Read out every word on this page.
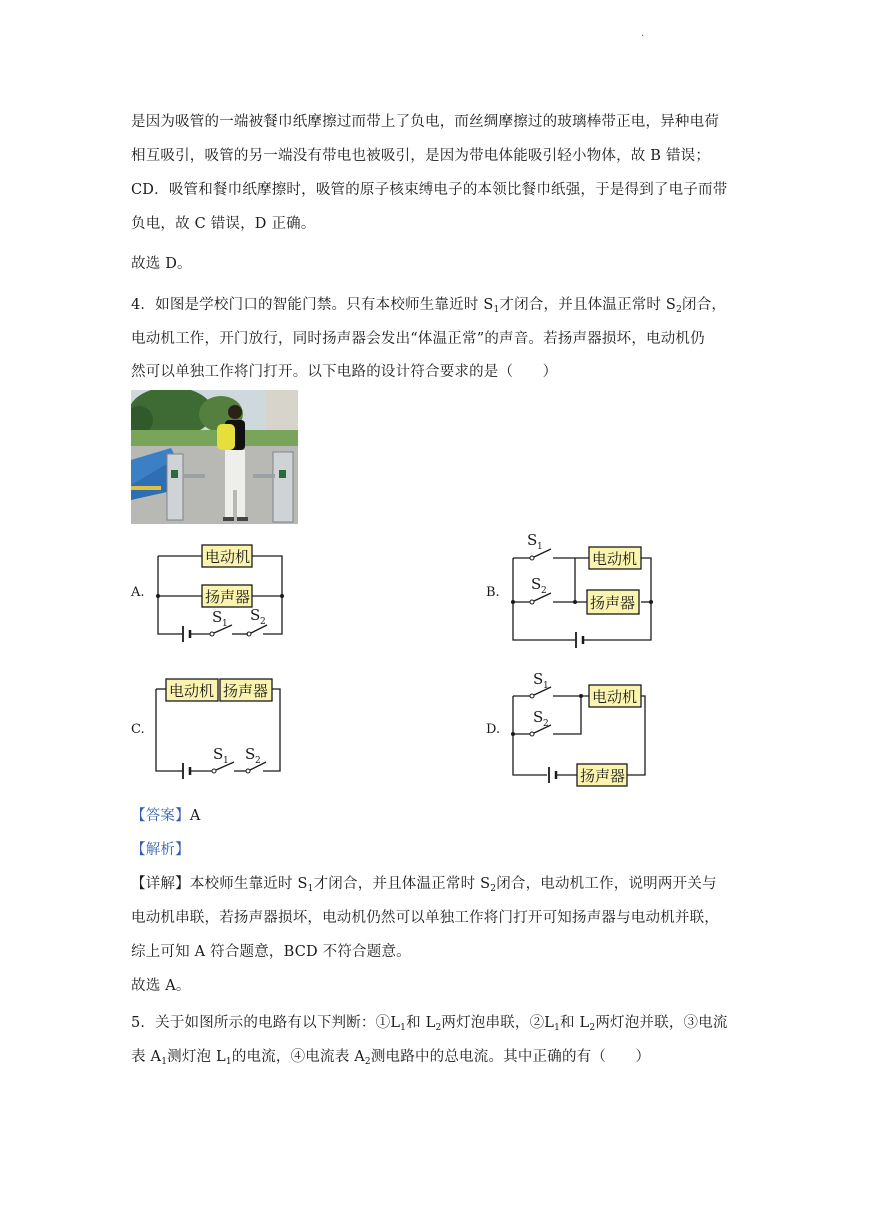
.
是因为吸管的一端被餐巾纸摩擦过而带上了负电，而丝绸摩擦过的玻璃棒带正电，异种电荷
相互吸引，吸管的另一端没有带电也被吸引，是因为带电体能吸引轻小物体，故 B 错误；
CD．吸管和餐巾纸摩擦时，吸管的原子核束缚电子的本领比餐巾纸强，于是得到了电子而带
负电，故 C 错误，D 正确。
故选 D。
4．如图是学校门口的智能门禁。只有本校师生靠近时 $S_1$才闭合，并且体温正常时 $S_2$闭合，
电动机工作，开门放行，同时扬声器会发出“体温正常”的声音。若扬声器损坏，电动机仍
然可以单独工作将门打开。以下电路的设计符合要求的是（　　）
A.	B.
C.	D.
电动机
扬声器
S 1 S 2
电动机
扬声器
S 1
S 2
电动机 扬声器
S 1 S 2
电动机
扬声器
S 1
S 2
【答案】A
【解析】
【详解】本校师生靠近时 $S_1$才闭合，并且体温正常时 $S_2$闭合，电动机工作，说明两开关与
电动机串联，若扬声器损坏，电动机仍然可以单独工作将门打开可知扬声器与电动机并联，
综上可知 A 符合题意，BCD 不符合题意。
故选 A。
5．关于如图所示的电路有以下判断：$①L_1$和 $L_2$两灯泡串联，$②L_1$和 $L_2$两灯泡并联，③电流
表 $A_1$测灯泡 $L_1$的电流，④电流表 $A_2$测电路中的总电流。其中正确的有（　　）
